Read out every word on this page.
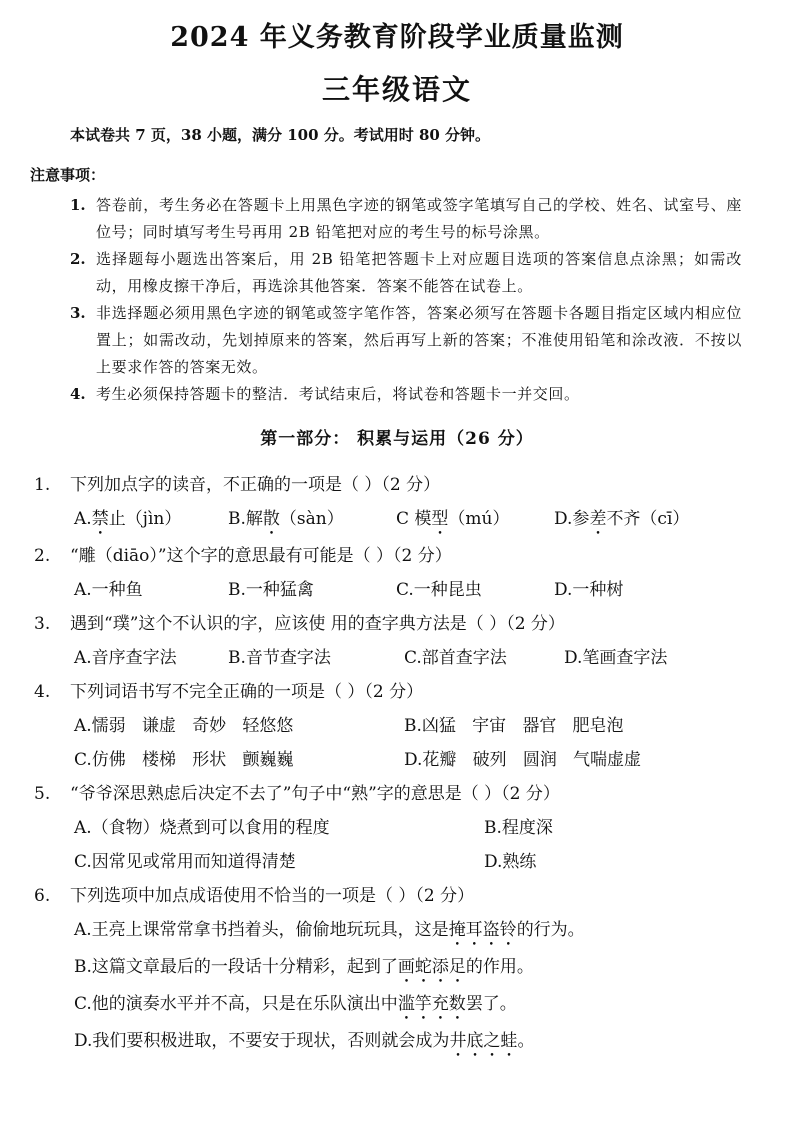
2024 年义务教育阶段学业质量监测
三年级语文
本试卷共 7 页，38 小题，满分 100 分。考试用时 80 分钟。
注意事项：
1. 答卷前，考生务必在答题卡上用黑色字迹的钢笔或签字笔填写自己的学校、姓名、试室号、座位号；同时填写考生号再用 2B 铅笔把对应的考生号的标号涂黑。
2. 选择题每小题选出答案后，用 2B 铅笔把答题卡上对应题目选项的答案信息点涂黑；如需改动，用橡皮擦干净后，再选涂其他答案．答案不能答在试卷上。
3. 非选择题必须用黑色字迹的钢笔或签字笔作答，答案必须写在答题卡各题目指定区域内相应位置上；如需改动，先划掉原来的答案，然后再写上新的答案；不准使用铅笔和涂改液．不按以上要求作答的答案无效。
4. 考生必须保持答题卡的整洁．考试结束后，将试卷和答题卡一并交回。
第一部分： 积累与运用（26 分）
1.	下列加点字的读音，不正确的一项是（ ）（2 分）
A.禁止（jìn）	B.解散（sàn）	C 模型（mú）	D.参差不齐（cī）
2.	“雕（diāo）”这个字的意思最有可能是（ ）（2 分）
A.一种鱼	B.一种猛禽	C.一种昆虫	D.一种树
3.	遇到“璞”这个不认识的字，应该使 用的查字典方法是（ ）（2 分）
A.音序查字法	B.音节查字法	C.部首查字法	D.笔画查字法
4.	下列词语书写不完全正确的一项是（ ）（2 分）
A.懦弱   谦虚   奇妙   轻悠悠	B.凶猛   宇宙   器官   肥皂泡
C.仿佛   楼梯   形状   颤巍巍	D.花瓣   破列   圆润   气喘虚虚
5.	“爷爷深思熟虑后决定不去了”句子中“熟”字的意思是（ ）（2 分）
A.（食物）烧煮到可以食用的程度	B.程度深
C.因常见或常用而知道得清楚	D.熟练
6.	下列选项中加点成语使用不恰当的一项是（ ）（2 分）
A.王亮上课常常拿书挡着头，偷偷地玩玩具，这是 掩耳盗铃 的行为。
B.这篇文章最后的一段话十分精彩，起到了 画蛇添足 的作用。
C.他的演奏水平并不高，只是在乐队演出中 滥竽充数 罢了。
D.我们要积极进取，不要安于现状，否则就会成为 井底之蛙 。
